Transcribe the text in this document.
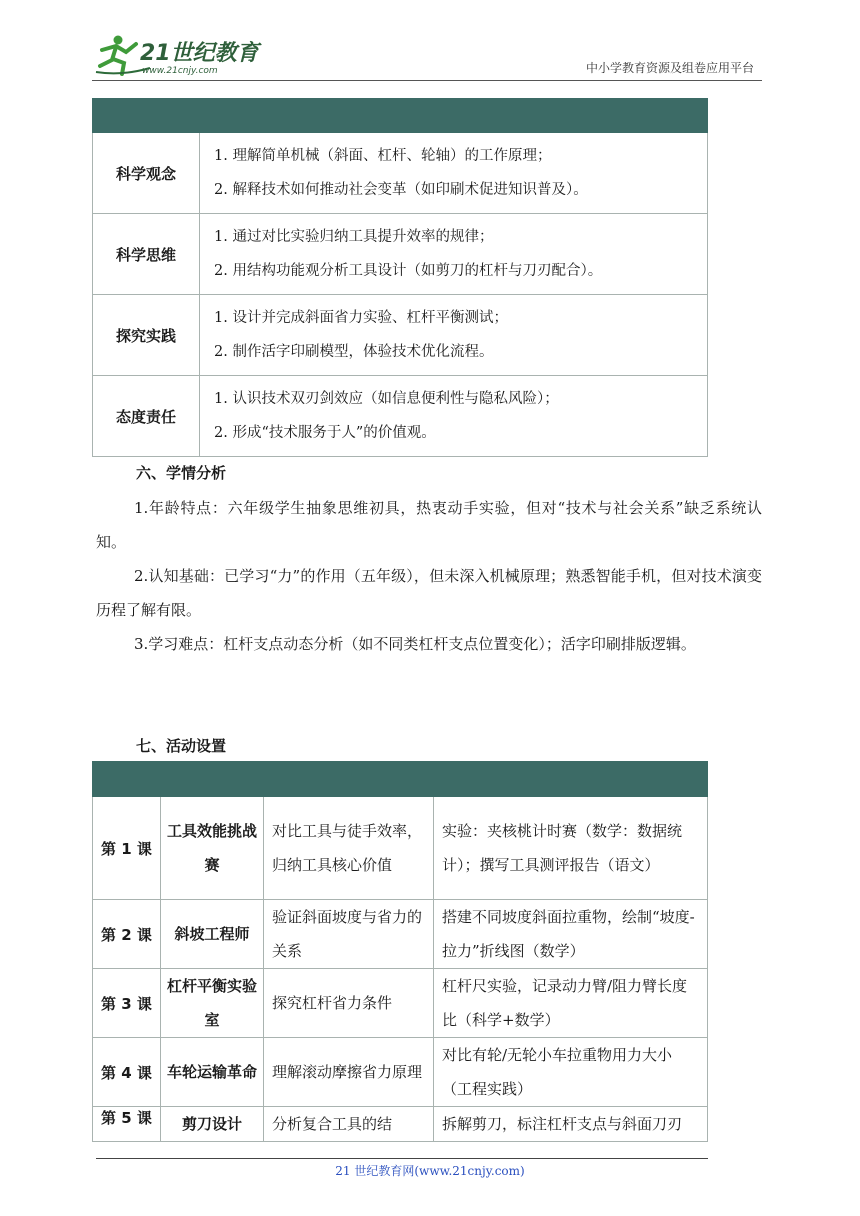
21世纪教育
www.21cnjy.com	中小学教育资源及组卷应用平台

科学观念	1. 理解简单机械（斜面、杠杆、轮轴）的工作原理；
2. 解释技术如何推动社会变革（如印刷术促进知识普及）。

科学思维	1. 通过对比实验归纳工具提升效率的规律；
2. 用结构功能观分析工具设计（如剪刀的杠杆与刀刃配合）。

探究实践	1. 设计并完成斜面省力实验、杠杆平衡测试；
2. 制作活字印刷模型，体验技术优化流程。

态度责任	1. 认识技术双刃剑效应（如信息便利性与隐私风险）；
2. 形成“技术服务于人”的价值观。
六、学情分析
1.年龄特点：六年级学生抽象思维初具，热衷动手实验，但对“技术与社会关系”缺乏系统认知。
2.认知基础：已学习“力”的作用（五年级），但未深入机械原理；熟悉智能手机，但对技术演变历程了解有限。
3.学习难点：杠杆支点动态分析（如不同类杠杆支点位置变化）；活字印刷排版逻辑。
七、活动设置

第 1 课	工具效能挑战赛	对比工具与徒手效率，归纳工具核心价值	实验：夹核桃计时赛（数学：数据统计）；撰写工具测评报告（语文）
第 2 课	斜坡工程师	验证斜面坡度与省力的关系	搭建不同坡度斜面拉重物，绘制“坡度-拉力”折线图（数学）
第 3 课	杠杆平衡实验室	探究杠杆省力条件	杠杆尺实验，记录动力臂/阻力臂长度比（科学+数学）
第 4 课	车轮运输革命	理解滚动摩擦省力原理	对比有轮/无轮小车拉重物用力大小（工程实践）
第 5 课	剪刀设计	分析复合工具的结	拆解剪刀，标注杠杆支点与斜面刀刃
21 世纪教育网(www.21cnjy.com)
